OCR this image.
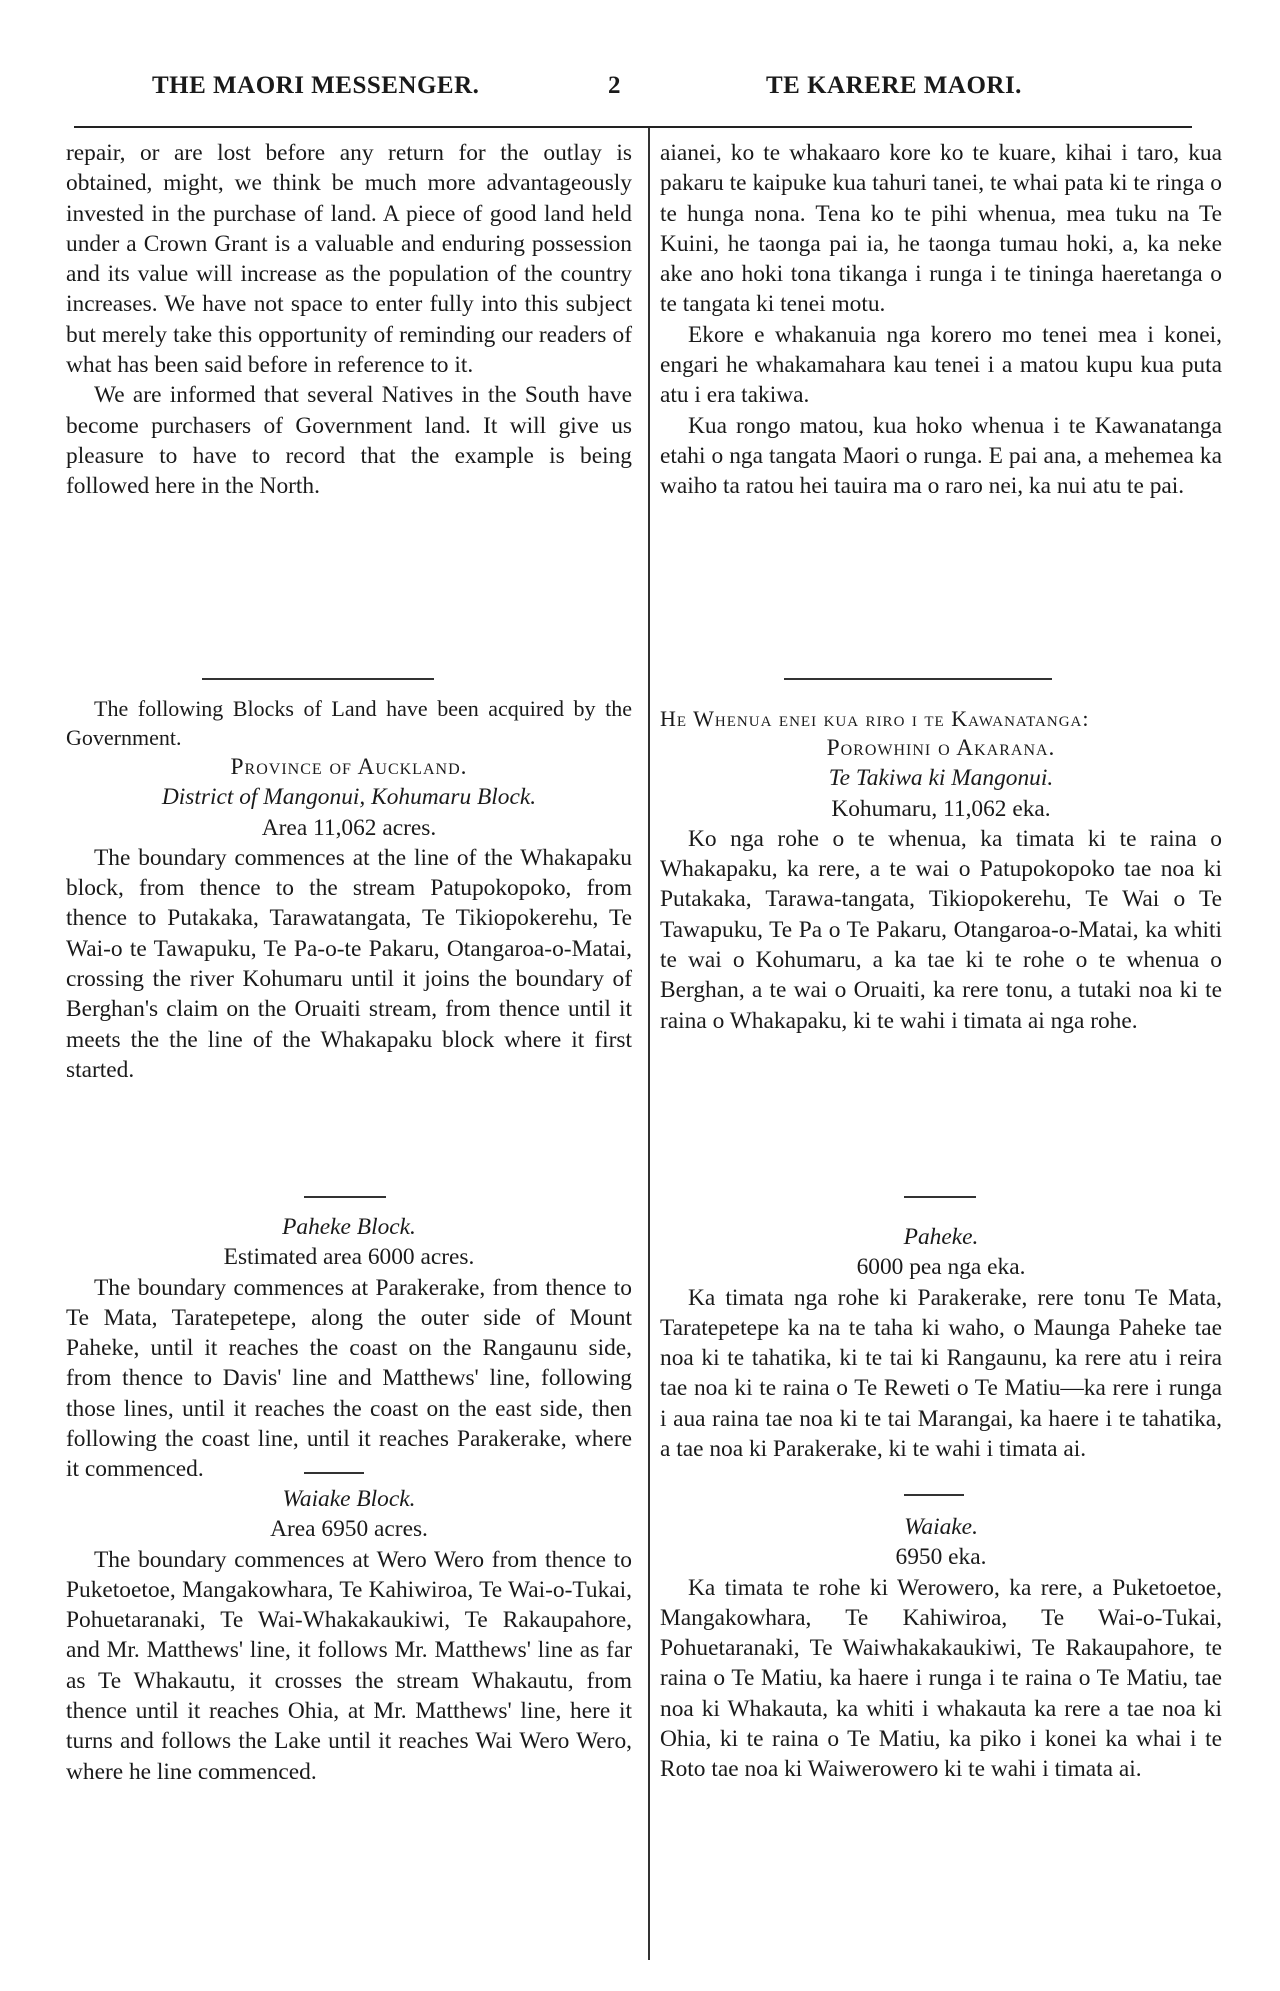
THE MAORI MESSENGER.	2	TE KARERE MAORI.

repair, or are lost before any return for the outlay is obtained, might, we think be much more advantageously invested in the purchase of land. A piece of good land held under a Crown Grant is a valuable and enduring possession and its value will increase as the population of the country increases. We have not space to enter fully into this subject but merely take this opportunity of reminding our readers of what has been said before in reference to it.

We are informed that several Natives in the South have become purchasers of Government land. It will give us pleasure to have to record that the example is being followed here in the North.

The following Blocks of Land have been acquired by the Government.

Province of Auckland.

District of Mangonui, Kohumaru Block.

Area 11,062 acres.

The boundary commences at the line of the Whakapaku block, from thence to the stream Patupokopoko, from thence to Putakaka, Tarawatangata, Te Tikiopokerehu, Te Wai-o te Tawapuku, Te Pa-o-te Pakaru, Otangaroa-o-Matai, crossing the river Kohumaru until it joins the boundary of Berghan's claim on the Oruaiti stream, from thence until it meets the the line of the Whakapaku block where it first started.

Paheke Block.

Estimated area 6000 acres.

The boundary commences at Parakerake, from thence to Te Mata, Taratepetepe, along the outer side of Mount Paheke, until it reaches the coast on the Rangaunu side, from thence to Davis' line and Matthews' line, following those lines, until it reaches the coast on the east side, then following the coast line, until it reaches Parakerake, where it commenced.

Waiake Block.

Area 6950 acres.

The boundary commences at Wero Wero from thence to Puketoetoe, Mangakowhara, Te Kahiwiroa, Te Wai-o-Tukai, Pohuetaranaki, Te Wai-Whakakaukiwi, Te Rakaupahore, and Mr. Matthews' line, it follows Mr. Matthews' line as far as Te Whakautu, it crosses the stream Whakautu, from thence until it reaches Ohia, at Mr. Matthews' line, here it turns and follows the Lake until it reaches Wai Wero Wero, where he line commenced.

aianei, ko te whakaaro kore ko te kuare, kihai i taro, kua pakaru te kaipuke kua tahuri tanei, te whai pata ki te ringa o te hunga nona. Tena ko te pihi whenua, mea tuku na Te Kuini, he taonga pai ia, he taonga tumau hoki, a, ka neke ake ano hoki tona tikanga i runga i te tininga haeretanga o te tangata ki tenei motu.

Ekore e whakanuia nga korero mo tenei mea i konei, engari he whakamahara kau tenei i a matou kupu kua puta atu i era takiwa.

Kua rongo matou, kua hoko whenua i te Kawanatanga etahi o nga tangata Maori o runga. E pai ana, a mehemea ka waiho ta ratou hei tauira ma o raro nei, ka nui atu te pai.

He Whenua enei kua riro i te Kawanatanga:

Porowhini o Akarana.

Te Takiwa ki Mangonui.

Kohumaru, 11,062 eka.

Ko nga rohe o te whenua, ka timata ki te raina o Whakapaku, ka rere, a te wai o Patupokopoko tae noa ki Putakaka, Tarawa-tangata, Tikiopokerehu, Te Wai o Te Tawapuku, Te Pa o Te Pakaru, Otangaroa-o-Matai, ka whiti te wai o Kohumaru, a ka tae ki te rohe o te whenua o Berghan, a te wai o Oruaiti, ka rere tonu, a tutaki noa ki te raina o Whakapaku, ki te wahi i timata ai nga rohe.

Paheke.

6000 pea nga eka.

Ka timata nga rohe ki Parakerake, rere tonu Te Mata, Taratepetepe ka na te taha ki waho, o Maunga Paheke tae noa ki te tahatika, ki te tai ki Rangaunu, ka rere atu i reira tae noa ki te raina o Te Reweti o Te Matiu—ka rere i runga i aua raina tae noa ki te tai Marangai, ka haere i te tahatika, a tae noa ki Parakerake, ki te wahi i timata ai.

Waiake.

6950 eka.

Ka timata te rohe ki Werowero, ka rere, a Puketoetoe, Mangakowhara, Te Kahiwiroa, Te Wai-o-Tukai, Pohuetaranaki, Te Waiwhakakaukiwi, Te Rakaupahore, te raina o Te Matiu, ka haere i runga i te raina o Te Matiu, tae noa ki Whakauta, ka whiti i whakauta ka rere a tae noa ki Ohia, ki te raina o Te Matiu, ka piko i konei ka whai i te Roto tae noa ki Waiwerowero ki te wahi i timata ai.
